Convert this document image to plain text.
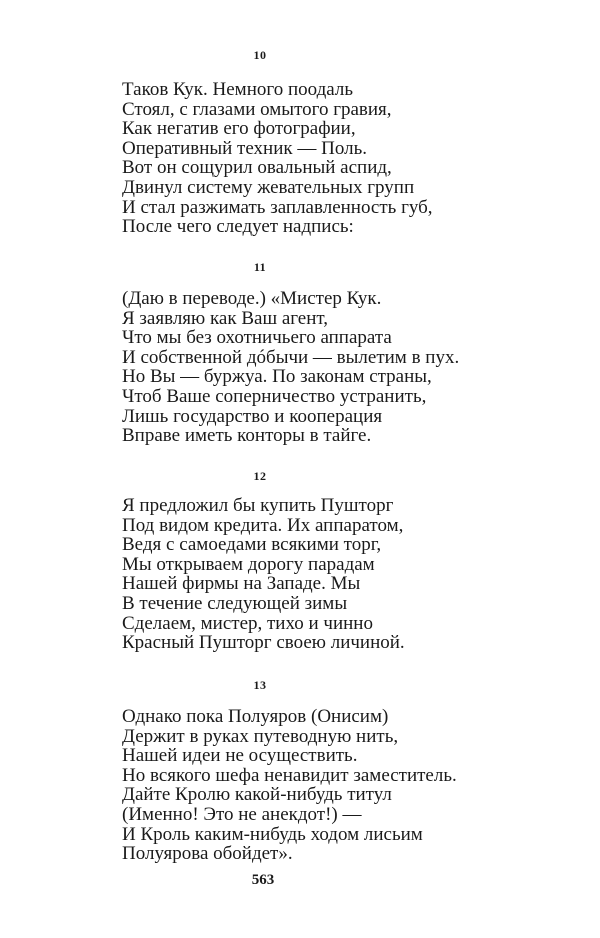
10
Таков Кук. Немного поодаль
Стоял, с глазами омытого гравия,
Как негатив его фотографии,
Оперативный техник — Поль.
Вот он сощурил овальный аспид,
Двинул систему жевательных групп
И стал разжимать заплавленность губ,
После чего следует надпись:
11
(Даю в переводе.) «Мистер Кук.
Я заявляю как Ваш агент,
Что мы без охотничьего аппарата
И собственной дóбычи — вылетим в пух.
Но Вы — буржуа. По законам страны,
Чтоб Ваше соперничество устранить,
Лишь государство и кооперация
Вправе иметь конторы в тайге.
12
Я предложил бы купить Пушторг
Под видом кредита. Их аппаратом,
Ведя с самоедами всякими торг,
Мы открываем дорогу парадам
Нашей фирмы на Западе. Мы
В течение следующей зимы
Сделаем, мистер, тихо и чинно
Красный Пушторг своею личиной.
13
Однако пока Полуяров (Онисим)
Держит в руках путеводную нить,
Нашей идеи не осуществить.
Но всякого шефа ненавидит заместитель.
Дайте Кролю какой-нибудь титул
(Именно! Это не анекдот!) —
И Кроль каким-нибудь ходом лисьим
Полуярова обойдет».
563
